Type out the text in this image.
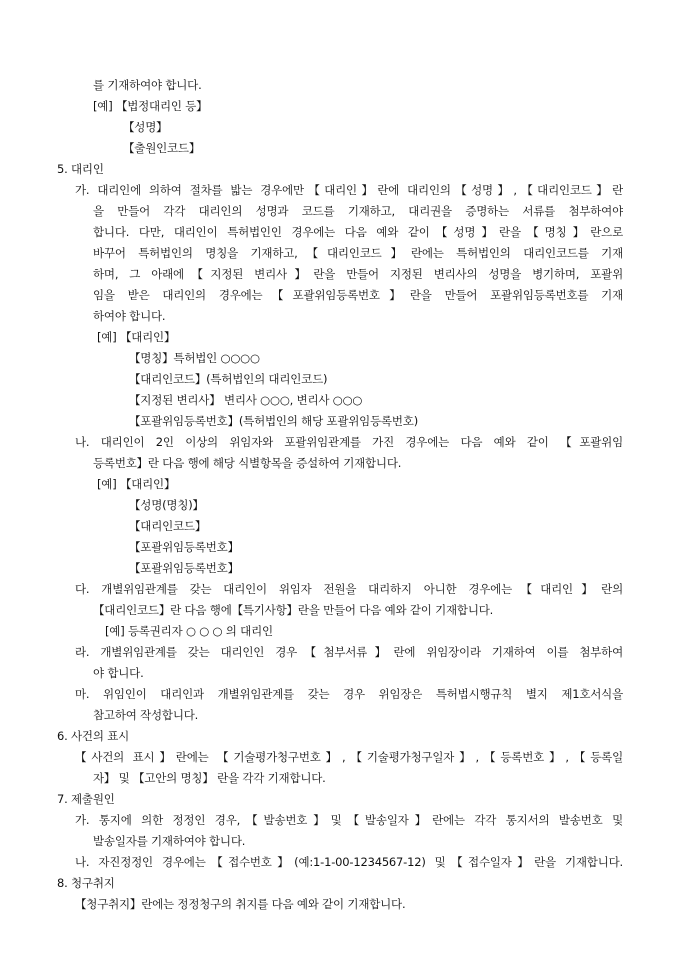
를 기재하여야 합니다.
[예] 【법정대리인 등】
【성명】
【출원인코드】
5. 대리인
가. 대리인에 의하여 절차를 밟는 경우에만【대리인】란에 대리인의【성명】,【대리인코드】란
을 만들어 각각 대리인의 성명과 코드를 기재하고, 대리권을 증명하는 서류를 첨부하여야
합니다. 다만, 대리인이 특허법인인 경우에는 다음 예와 같이【성명】란을【명칭】란으로
바꾸어 특허법인의 명칭을 기재하고,【대리인코드】란에는 특허법인의 대리인코드를 기재
하며, 그 아래에【지정된 변리사】란을 만들어 지정된 변리사의 성명을 병기하며, 포괄위
임을 받은 대리인의 경우에는【포괄위임등록번호】란을 만들어 포괄위임등록번호를 기재
하여야 합니다.
[예] 【대리인】
【명칭】특허법인 ○○○○
【대리인코드】(특허법인의 대리인코드)
【지정된 변리사】 변리사 ○○○, 변리사 ○○○
【포괄위임등록번호】(특허법인의 해당 포괄위임등록번호)
나. 대리인이 2인 이상의 위임자와 포괄위임관계를 가진 경우에는 다음 예와 같이 【포괄위임
등록번호】란 다음 행에 해당 식별항목을 증설하여 기재합니다.
[예] 【대리인】
【성명(명칭)】
【대리인코드】
【포괄위임등록번호】
【포괄위임등록번호】
다. 개별위임관계를 갖는 대리인이 위임자 전원을 대리하지 아니한 경우에는【대리인】란의
【대리인코드】란 다음 행에【특기사항】란을 만들어 다음 예와 같이 기재합니다.
[예] 등록권리자 ○ ○ ○ 의 대리인
라. 개별위임관계를 갖는 대리인인 경우【첨부서류】란에 위임장이라 기재하여 이를 첨부하여
야 합니다.
마. 위임인이 대리인과 개별위임관계를 갖는 경우 위임장은 특허법시행규칙 별지 제1호서식을
참고하여 작성합니다.
6. 사건의 표시
【사건의 표시】란에는 【기술평가청구번호】,【기술평가청구일자】,【등록번호】,【등록일
자】 및 【고안의 명칭】 란을 각각 기재합니다.
7. 제출원인
가. 통지에 의한 정정인 경우,【발송번호】및【발송일자】란에는 각각 통지서의 발송번호 및
발송일자를 기재하여야 합니다.
나. 자진정정인 경우에는【접수번호】(예:1-1-00-1234567-12) 및【접수일자】란을 기재합니다.
8. 청구취지
【청구취지】란에는 정정청구의 취지를 다음 예와 같이 기재합니다.
